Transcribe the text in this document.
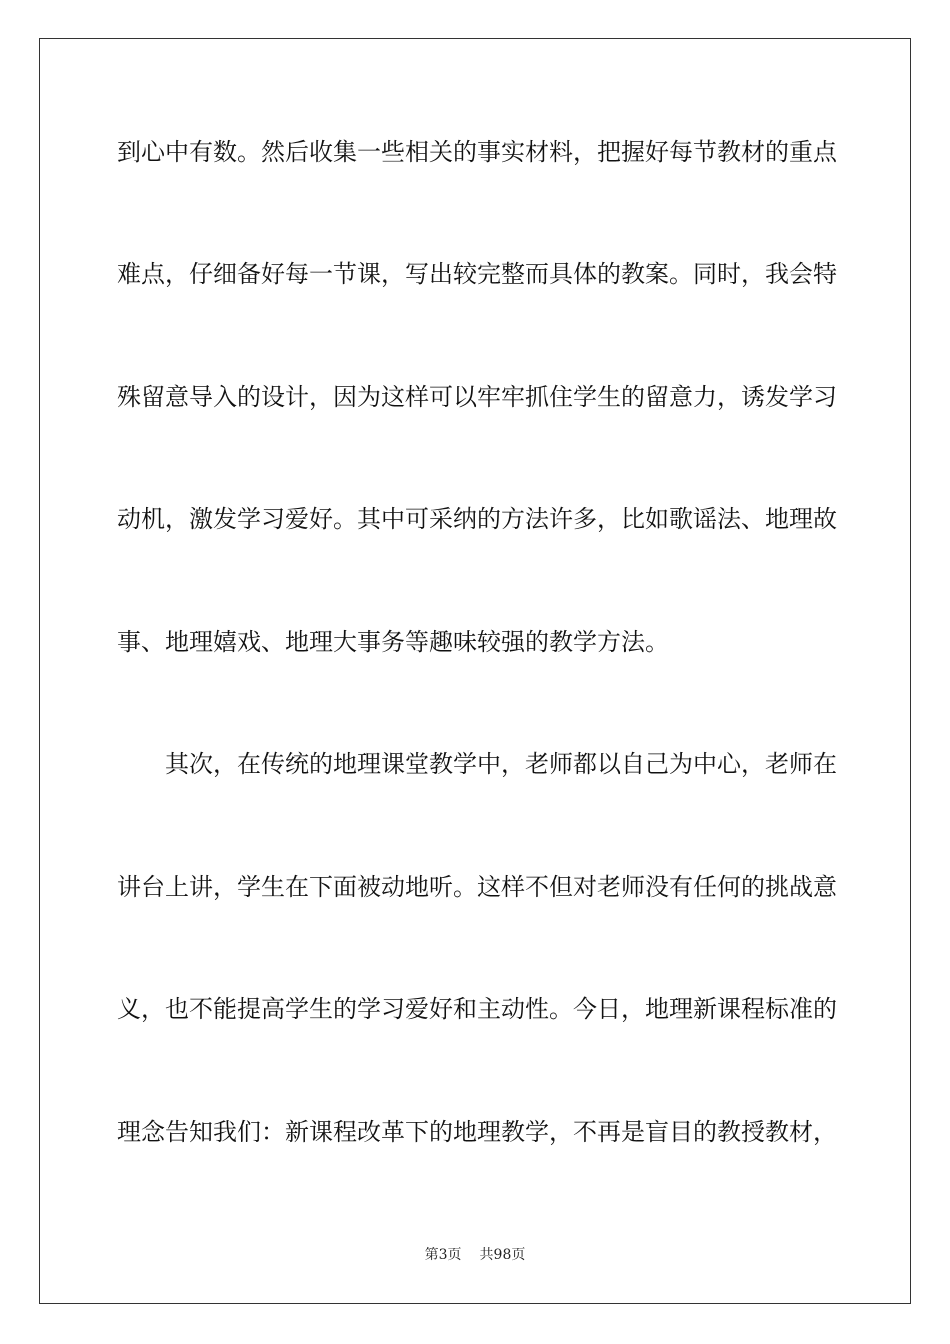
到心中有数。然后收集一些相关的事实材料，把握好每节教材的重点
难点，仔细备好每一节课，写出较完整而具体的教案。同时，我会特
殊留意导入的设计，因为这样可以牢牢抓住学生的留意力，诱发学习
动机，激发学习爱好。其中可采纳的方法许多，比如歌谣法、地理故
事、地理嬉戏、地理大事务等趣味较强的教学方法。
其次，在传统的地理课堂教学中，老师都以自己为中心，老师在
讲台上讲，学生在下面被动地听。这样不但对老师没有任何的挑战意
义，也不能提高学生的学习爱好和主动性。今日，地理新课程标准的
理念告知我们：新课程改革下的地理教学，不再是盲目的教授教材，
第3页 共98页
